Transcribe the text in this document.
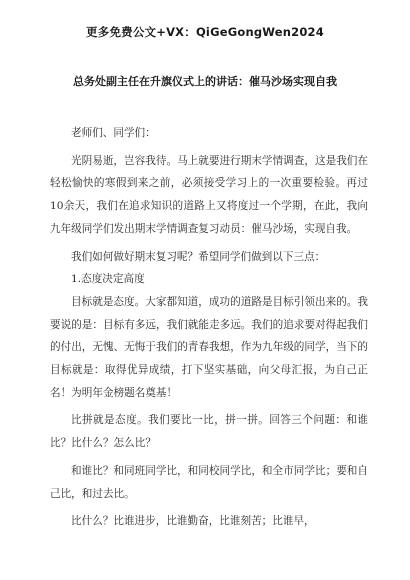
更多免费公文+VX：QiGeGongWen2024
总务处副主任在升旗仪式上的讲话：催马沙场实现自我

老师们、同学们：

光阴易逝，岂容我待。马上就要进行期末学情调查，这是我们在轻松愉快的寒假到来之前，必须接受学习上的一次重要检验。再过10余天，我们在追求知识的道路上又将度过一个学期，在此，我向九年级同学们发出期末学情调查复习动员：催马沙场，实现自我。

我们如何做好期末复习呢？希望同学们做到以下三点：

1.态度决定高度

目标就是态度。大家都知道，成功的道路是目标引领出来的。我要说的是：目标有多远，我们就能走多远。我们的追求要对得起我们的付出，无愧、无悔于我们的青春我想，作为九年级的同学，当下的目标就是：取得优异成绩，打下坚实基础，向父母汇报，为自己正名！为明年金榜题名奠基！

比拼就是态度。我们要比一比，拼一拼。回答三个问题：和谁比？比什么？怎么比？

和谁比？和同班同学比，和同校同学比，和全市同学比；要和自己比，和过去比。

比什么？比谁进步，比谁勤奋，比谁刻苦；比谁早，
